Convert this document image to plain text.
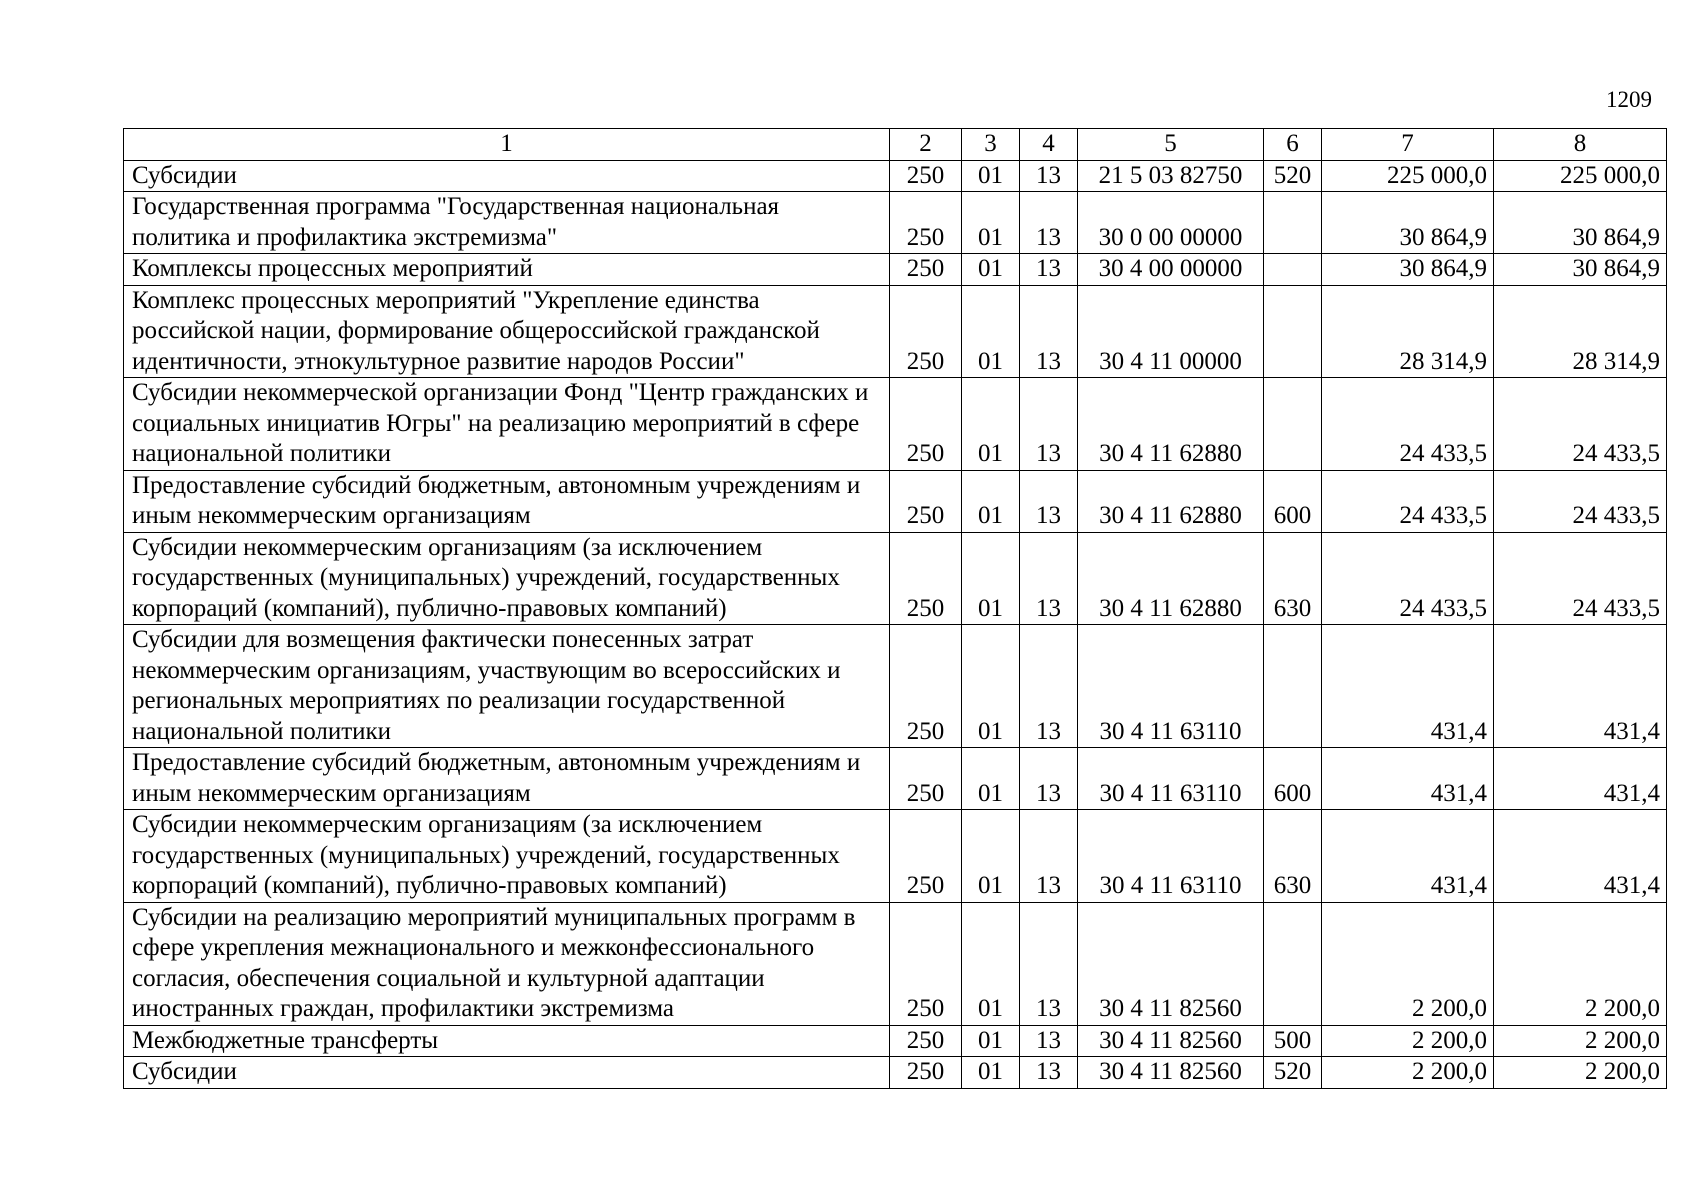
1209
1	2	3	4	5	6	7	8
Субсидии	250	01	13	21 5 03 82750	520	225 000,0	225 000,0
Государственная программа "Государственная национальная политика и профилактика экстремизма"	250	01	13	30 0 00 00000		30 864,9	30 864,9
Комплексы процессных мероприятий	250	01	13	30 4 00 00000		30 864,9	30 864,9
Комплекс процессных мероприятий "Укрепление единства российской нации, формирование общероссийской гражданской идентичности, этнокультурное развитие народов России"	250	01	13	30 4 11 00000		28 314,9	28 314,9
Субсидии некоммерческой организации Фонд "Центр гражданских и социальных инициатив Югры" на реализацию мероприятий в сфере национальной политики	250	01	13	30 4 11 62880		24 433,5	24 433,5
Предоставление субсидий бюджетным, автономным учреждениям и иным некоммерческим организациям	250	01	13	30 4 11 62880	600	24 433,5	24 433,5
Субсидии некоммерческим организациям (за исключением государственных (муниципальных) учреждений, государственных корпораций (компаний), публично-правовых компаний)	250	01	13	30 4 11 62880	630	24 433,5	24 433,5
Субсидии для возмещения фактически понесенных затрат некоммерческим организациям, участвующим во всероссийских и региональных мероприятиях по реализации государственной национальной политики	250	01	13	30 4 11 63110		431,4	431,4
Предоставление субсидий бюджетным, автономным учреждениям и иным некоммерческим организациям	250	01	13	30 4 11 63110	600	431,4	431,4
Субсидии некоммерческим организациям (за исключением государственных (муниципальных) учреждений, государственных корпораций (компаний), публично-правовых компаний)	250	01	13	30 4 11 63110	630	431,4	431,4
Субсидии на реализацию мероприятий муниципальных программ в сфере укрепления межнационального и межконфессионального согласия, обеспечения социальной и культурной адаптации иностранных граждан, профилактики экстремизма	250	01	13	30 4 11 82560		2 200,0	2 200,0
Межбюджетные трансферты	250	01	13	30 4 11 82560	500	2 200,0	2 200,0
Субсидии	250	01	13	30 4 11 82560	520	2 200,0	2 200,0
